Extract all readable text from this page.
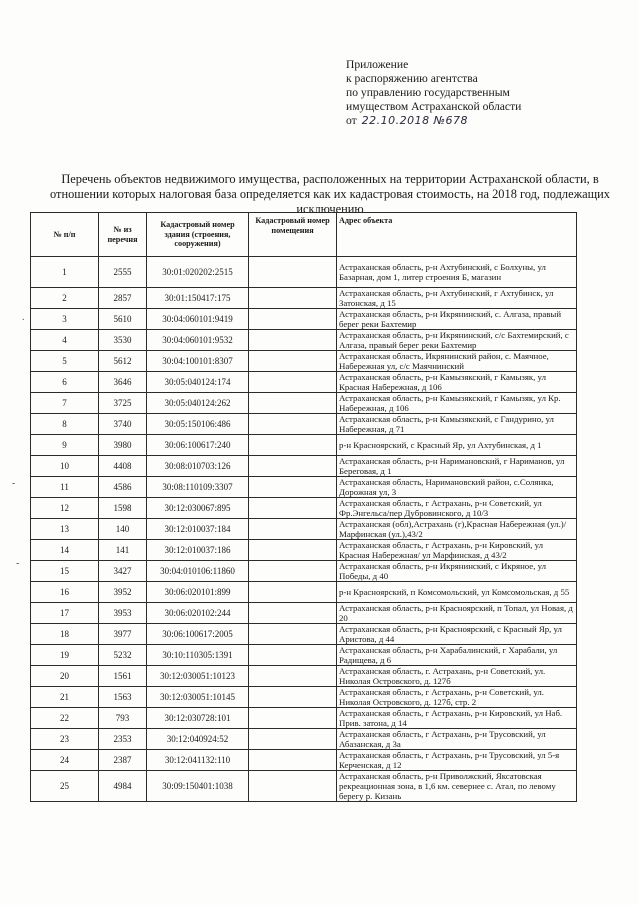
Приложение
к распоряжению агентства
по управлению государственным
имуществом Астраханской области
от 22.10.2018 №678
Перечень объектов недвижимого имущества, расположенных на территории Астраханской области, в отношении которых налоговая база определяется как их кадастровая стоимость, на 2018 год, подлежащих исключению
№ п/п	№ из перечня	Кадастровый номер здания (строения, сооружения)	Кадастровый номер помещения	Адрес объекта
1	2555	30:01:020202:2515		Астраханская область, р-н Ахтубинский, с Болхуны, ул Базарная, дом 1, литер строения Б, магазин
2	2857	30:01:150417:175		Астраханская область, р-н Ахтубинский, г Ахтубинск, ул Затонская, д 15
3	5610	30:04:060101:9419		Астраханская область, р-н Икрянинский, с. Алгаза, правый берег реки Бахтемир
4	3530	30:04:060101:9532		Астраханская область, р-н Икрянинский, с/с Бахтемирский, с Алгаза, правый берег реки Бахтемир
5	5612	30:04:100101:8307		Астраханская область, Икрянинский район, с. Маячное, Набережная ул, с/с Маячнинский
6	3646	30:05:040124:174		Астраханская область, р-н Камызякский, г Камызяк, ул Красная Набережная, д 106
7	3725	30:05:040124:262		Астраханская область, р-н Камызякский, г Камызяк, ул Кр. Набережная, д 106
8	3740	30:05:150106:486		Астраханская область, р-н Камызякский, с Гандурино, ул Набережная, д 71
9	3980	30:06:100617:240		р-н Красноярский, с Красный Яр, ул Ахтубинская, д 1
10	4408	30:08:010703:126		Астраханская область, р-н Наримановский, г Нариманов, ул Береговая, д 1
11	4586	30:08:110109:3307		Астраханская область, Наримановский район, с.Солянка, Дорожная ул, 3
12	1598	30:12:030067:895		Астраханская область, г Астрахань, р-н Советский, ул Фр.Энгельса/пер Дубровинского, д 10/3
13	140	30:12:010037:184		Астраханская (обл),Астрахань (г),Красная Набережная (ул.)/Марфинская (ул.),43/2
14	141	30:12:010037:186		Астраханская область, г Астрахань, р-н Кировский, ул Красная Набережная/ ул Марфинская, д 43/2
15	3427	30:04:010106:11860		Астраханская область, р-н Икрянинский, с Икряное, ул Победы, д 40
16	3952	30:06:020101:899		р-н Красноярский, п Комсомольский, ул Комсомольская, д 55
17	3953	30:06:020102:244		Астраханская область, р-н Красноярский, п Топал, ул Новая, д 20
18	3977	30:06:100617:2005		Астраханская область, р-н Красноярский, с Красный Яр, ул Аристова, д 44
19	5232	30:10:110305:1391		Астраханская область, р-н Харабалинский, г Харабали, ул Радищева, д 6
20	1561	30:12:030051:10123		Астраханская область, г. Астрахань, р-н Советский, ул. Николая Островского, д. 127б
21	1563	30:12:030051:10145		Астраханская область, г Астрахань, р-н Советский, ул. Николая Островского, д. 127б, стр. 2
22	793	30:12:030728:101		Астраханская область, г Астрахань, р-н Кировский, ул Наб. Прив. затона, д 14
23	2353	30:12:040924:52		Астраханская область, г Астрахань, р-н Трусовский, ул Абазанская, д 3а
24	2387	30:12:041132:110		Астраханская область, г Астрахань, р-н Трусовский, ул 5-я Керченская, д 12
25	4984	30:09:150401:1038		Астраханская область, р-н Приволжский, Яксатовская рекреационная зона, в 1,6 км. севернее с. Атал, по левому берегу р. Кизань
.
-
-
